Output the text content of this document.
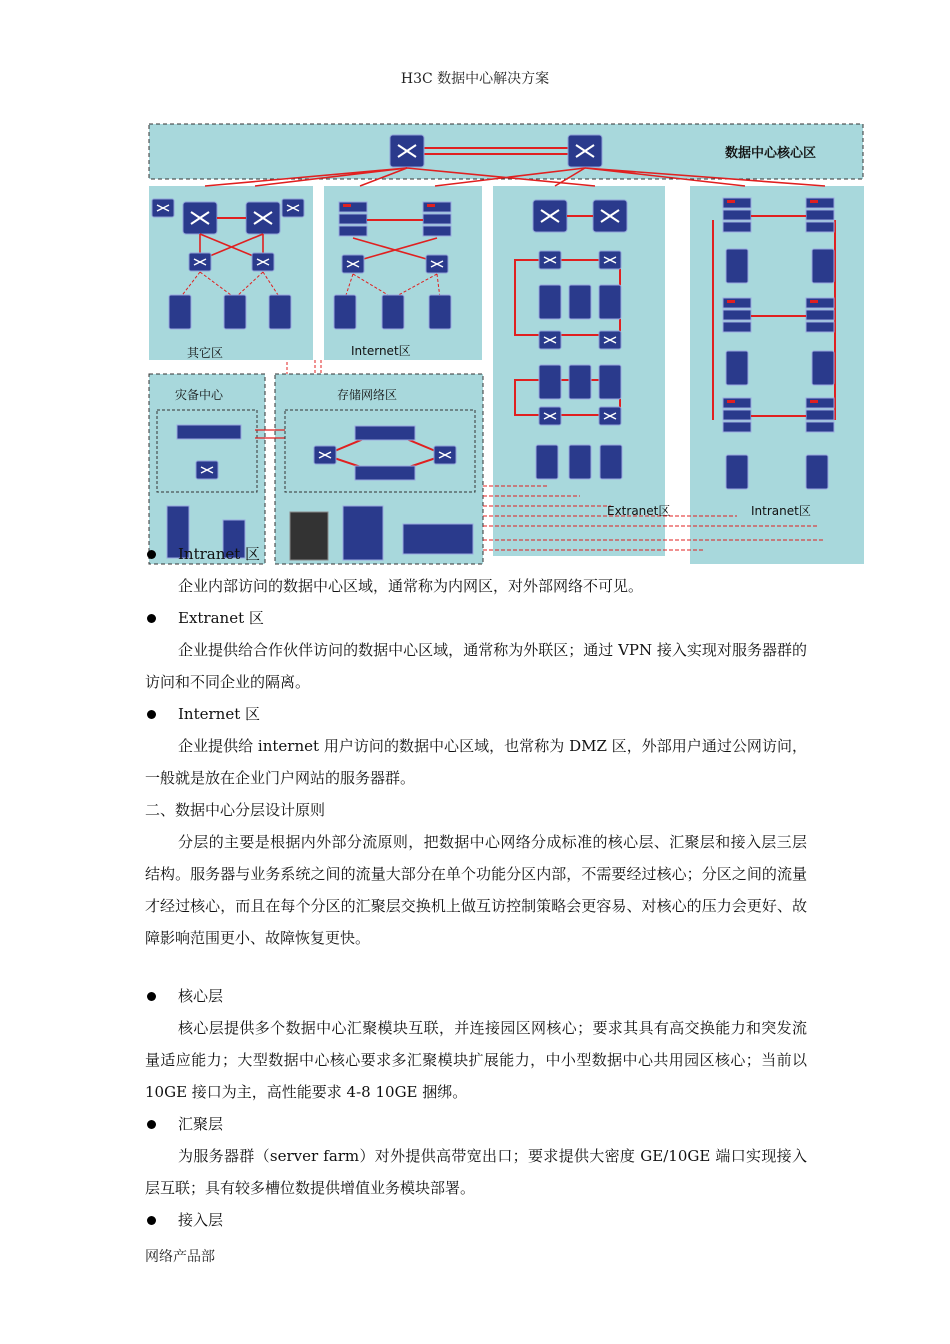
H3C 数据中心解决方案
数据中心核心区
其它区	Internet区
Extranet区	Intranet区
灾备中心	存储网络区
Intranet 区
企业内部访问的数据中心区域，通常称为内网区，对外部网络不可见。
Extranet 区
企业提供给合作伙伴访问的数据中心区域，通常称为外联区；通过 VPN 接入实现对服务器群的访问和不同企业的隔离。
Internet 区
企业提供给 internet 用户访问的数据中心区域，也常称为 DMZ 区，外部用户通过公网访问，一般就是放在企业门户网站的服务器群。
二、数据中心分层设计原则
分层的主要是根据内外部分流原则，把数据中心网络分成标准的核心层、汇聚层和接入层三层结构。服务器与业务系统之间的流量大部分在单个功能分区内部，不需要经过核心；分区之间的流量才经过核心，而且在每个分区的汇聚层交换机上做互访控制策略会更容易、对核心的压力会更好、故障影响范围更小、故障恢复更快。
核心层
核心层提供多个数据中心汇聚模块互联，并连接园区网核心；要求其具有高交换能力和突发流量适应能力；大型数据中心核心要求多汇聚模块扩展能力，中小型数据中心共用园区核心；当前以 10GE 接口为主，高性能要求 4-8 10GE 捆绑。
汇聚层
为服务器群（server farm）对外提供高带宽出口；要求提供大密度 GE/10GE 端口实现接入层互联；具有较多槽位数提供增值业务模块部署。
接入层
网络产品部
